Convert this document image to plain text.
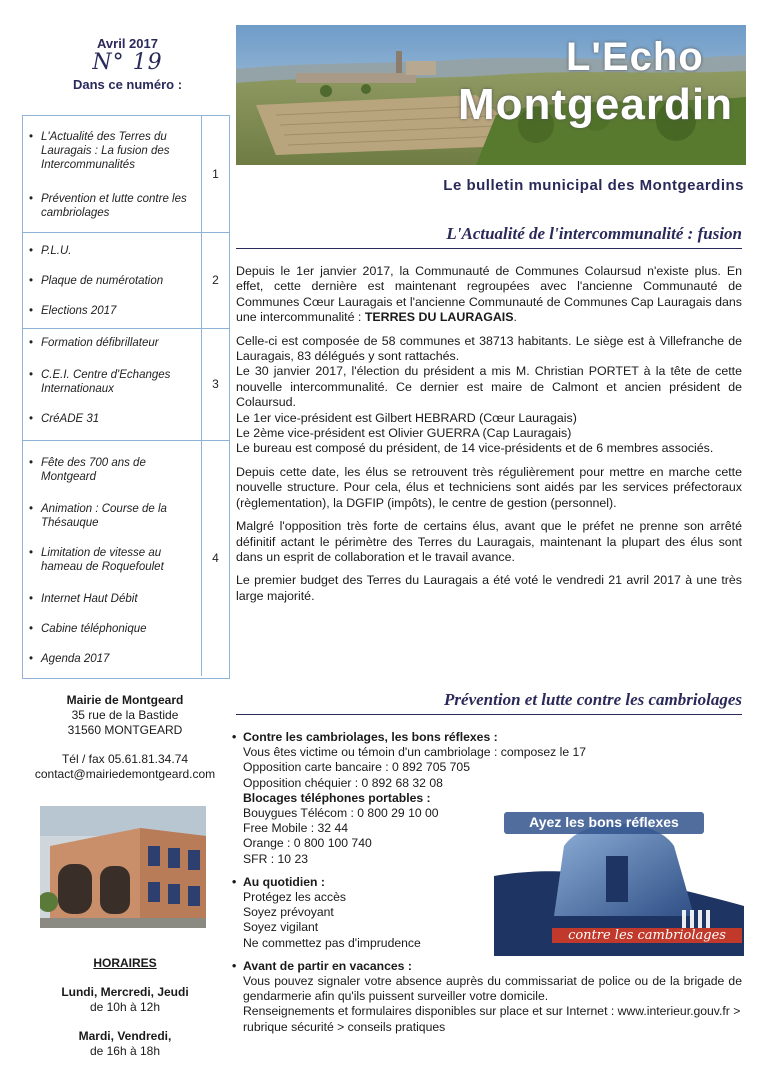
Avril 2017
N° 19
Dans ce numéro :
• L'Actualité des Terres du Lauragais : La fusion des Intercommunalités
• Prévention et lutte contre les cambriolages
1
• P.L.U.
• Plaque de numérotation
• Elections 2017
2
• Formation défibrillateur
• C.E.I. Centre d'Echanges Internationaux
• CréADE 31
3
• Fête des 700 ans de Montgeard
• Animation : Course de la Thésauque
• Limitation de vitesse au hameau de Roquefoulet
• Internet Haut Débit
• Cabine téléphonique
• Agenda 2017
4
Mairie de Montgeard
35 rue de la Bastide
31560 MONTGEARD
Tél / fax 05.61.81.34.74
contact@mairiedemontgeard.com
HORAIRES
Lundi, Mercredi, Jeudi
de 10h à 12h
Mardi, Vendredi,
de 16h à 18h
L'Echo
Montgeardin
Le bulletin municipal des Montgeardins
L'Actualité de l'intercommunalité : fusion

Depuis le 1er janvier 2017, la Communauté de Communes Colaursud n'existe plus. En effet, cette dernière est maintenant regroupées avec l'ancienne Communauté de Communes Cœur Lauragais et l'ancienne Communauté de Communes Cap Lauragais dans une intercommunalité : TERRES DU LAURAGAIS.

Celle-ci est composée de 58 communes et 38713 habitants. Le siège est à Villefranche de Lauragais, 83 délégués y sont rattachés.
Le 30 janvier 2017, l'élection du président a mis M. Christian PORTET à la tête de cette nouvelle intercommunalité. Ce dernier est maire de Calmont et ancien président de Colaursud.
Le 1er vice-président est Gilbert HEBRARD (Cœur Lauragais)
Le 2ème vice-président est Olivier GUERRA (Cap Lauragais)
Le bureau est composé du président, de 14 vice-présidents et de 6 membres associés.

Depuis cette date, les élus se retrouvent très régulièrement pour mettre en marche cette nouvelle structure. Pour cela, élus et techniciens sont aidés par les services préfectoraux (règlementation), la DGFIP (impôts), le centre de gestion (personnel).

Malgré l'opposition très forte de certains élus, avant que le préfet ne prenne son arrêté définitif actant le périmètre des Terres du Lauragais, maintenant la plupart des élus sont dans un esprit de collaboration et le travail avance.

Le premier budget des Terres du Lauragais a été voté le vendredi 21 avril 2017 à une très large majorité.

Prévention et lutte contre les cambriolages
• Contre les cambriolages, les bons réflexes :
Vous êtes victime ou témoin d'un cambriolage : composez le 17
Opposition carte bancaire : 0 892 705 705
Opposition chéquier : 0 892 68 32 08
Blocages téléphones portables :
Bouygues Télécom : 0 800 29 10 00
Free Mobile : 32 44
Orange : 0 800 100 740
SFR : 10 23
• Au quotidien :
Protégez les accès
Soyez prévoyant
Soyez vigilant
Ne commettez pas d'imprudence
• Avant de partir en vacances :
Vous pouvez signaler votre absence auprès du commissariat de police ou de la brigade de gendarmerie afin qu'ils puissent surveiller votre domicile.
Renseignements et formulaires disponibles sur place et sur Internet : www.interieur.gouv.fr > rubrique sécurité > conseils pratiques
Ayez les bons réflexes
contre les cambriolages
